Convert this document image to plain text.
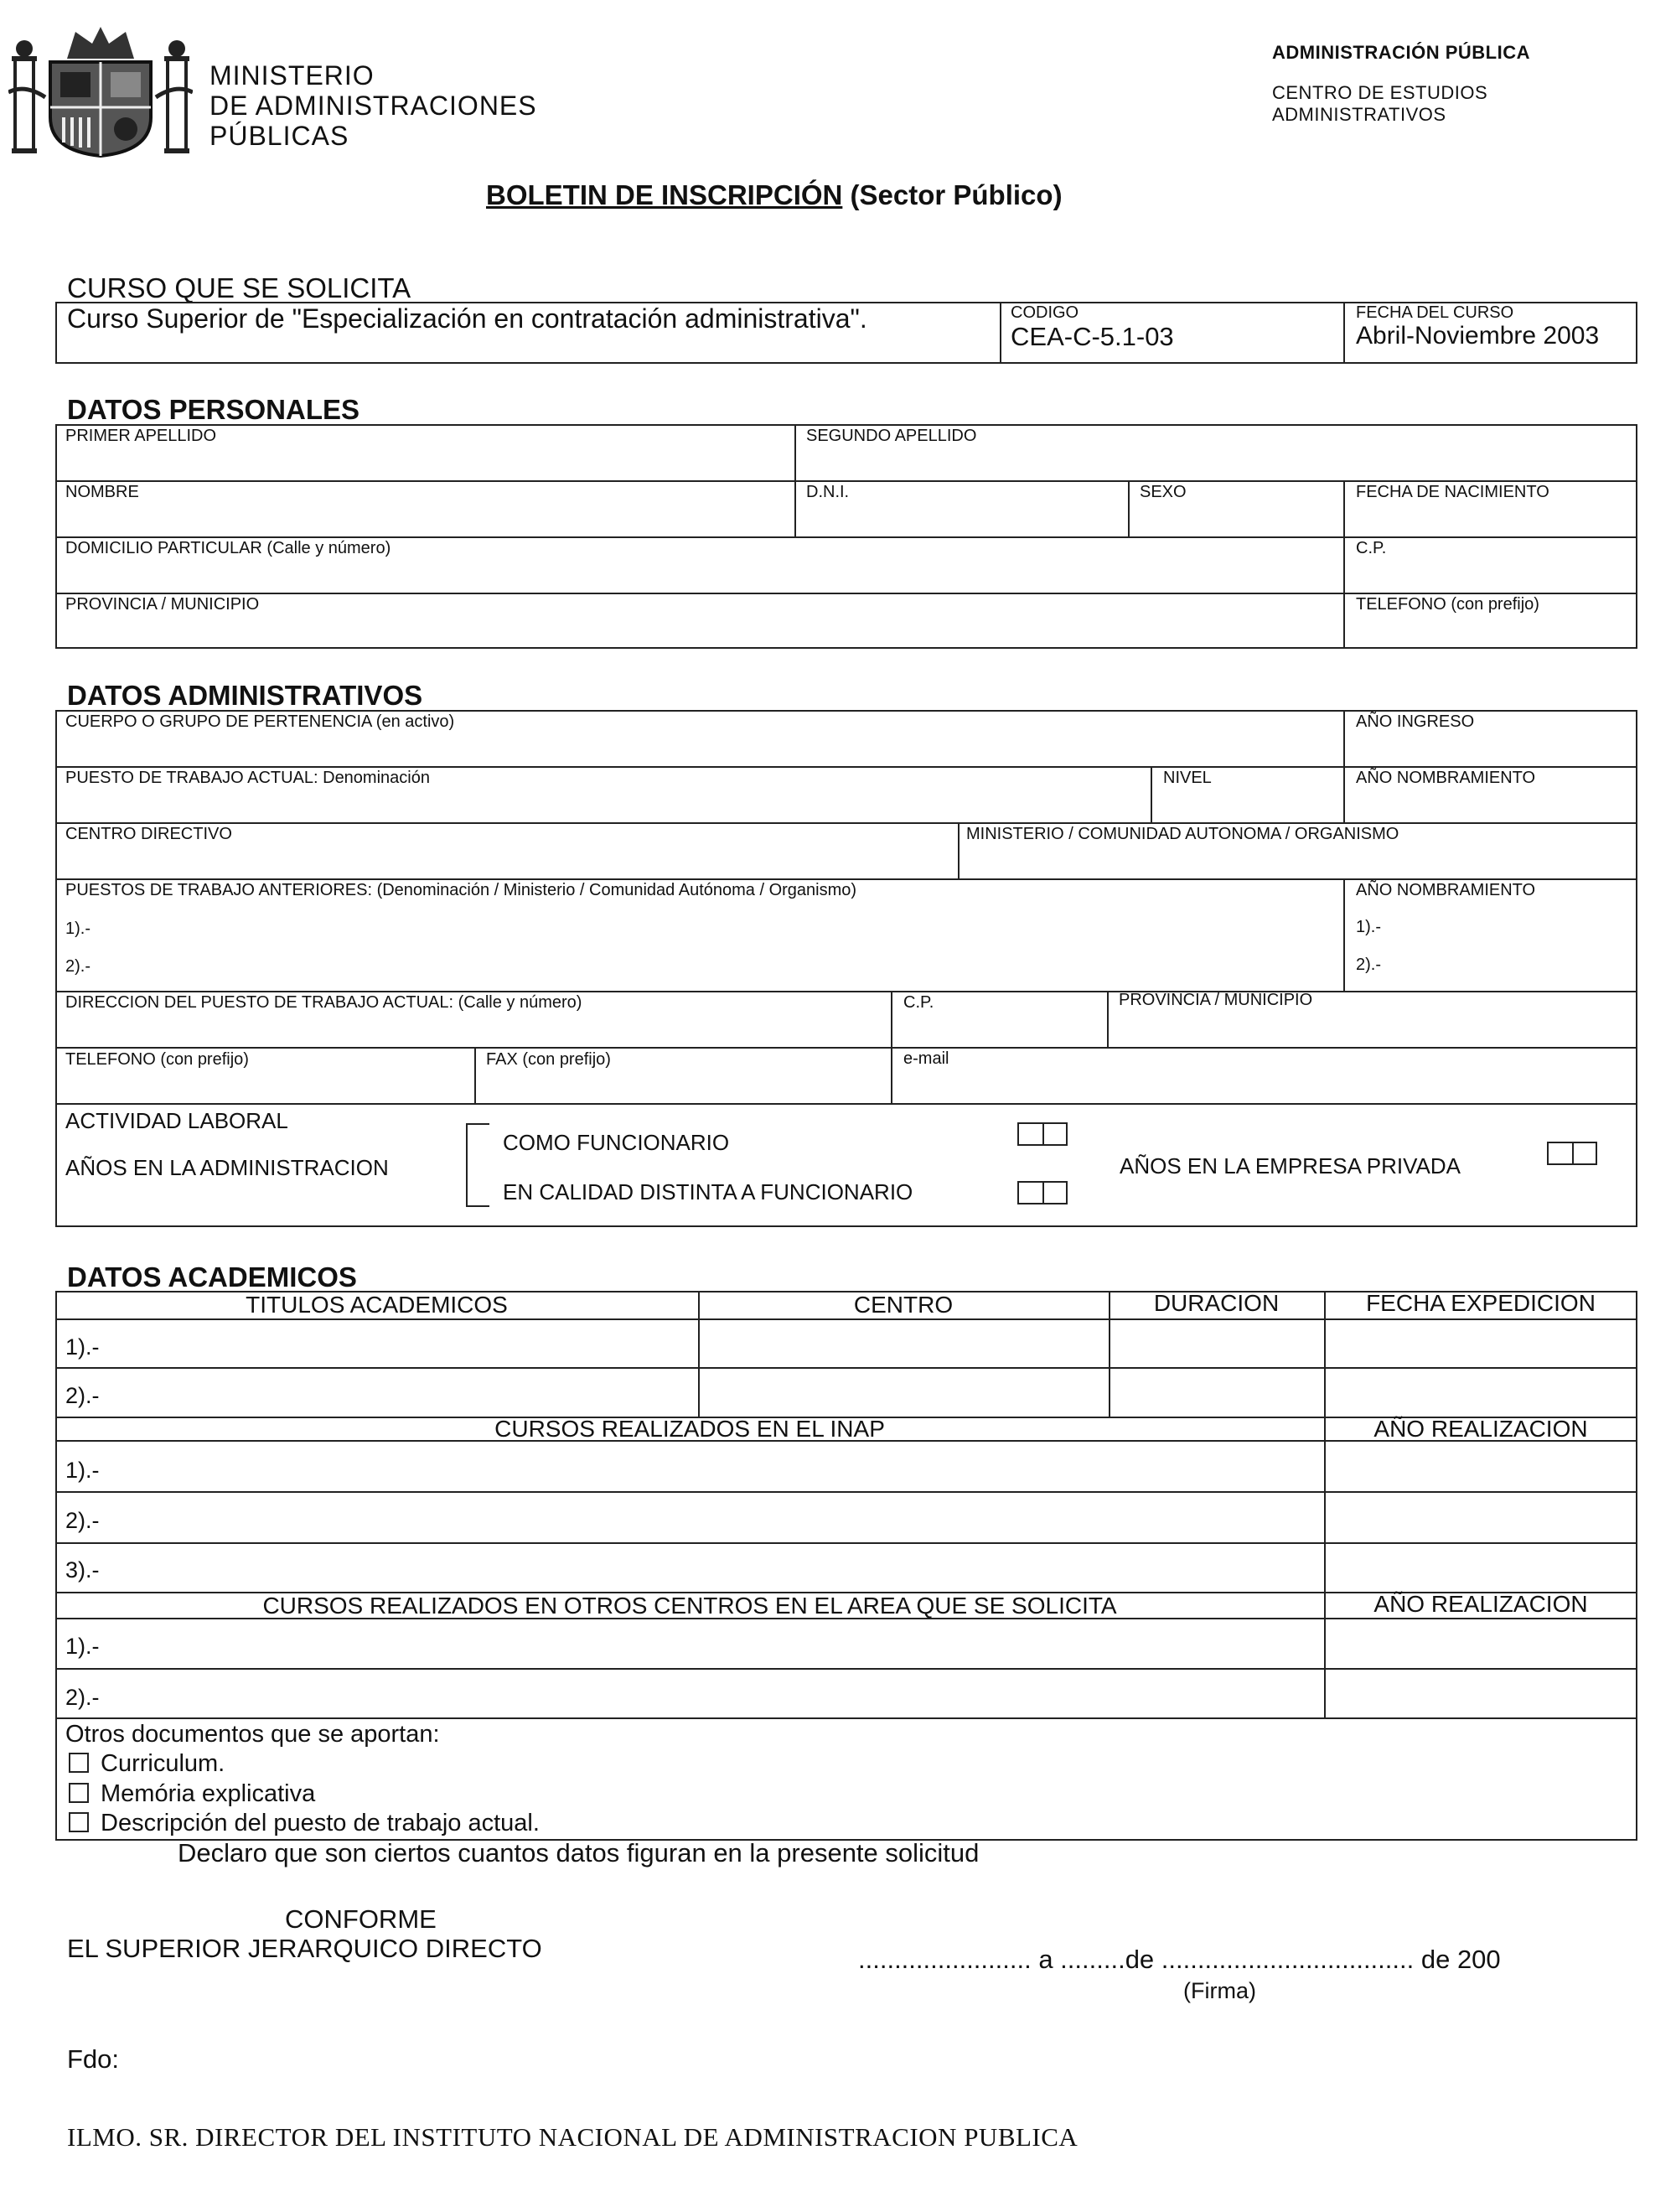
MINISTERIO
DE ADMINISTRACIONES
PÚBLICAS
ADMINISTRACIÓN PÚBLICA
CENTRO DE ESTUDIOS
ADMINISTRATIVOS
BOLETIN DE INSCRIPCIÓN (Sector Público)
CURSO QUE SE SOLICITA
Curso Superior de "Especialización en contratación administrativa".	CODIGO
CEA-C-5.1-03
FECHA DEL CURSO
Abril-Noviembre 2003
DATOS PERSONALES
PRIMER APELLIDO	SEGUNDO APELLIDO
NOMBRE	D.N.I.	SEXO	FECHA DE NACIMIENTO
DOMICILIO PARTICULAR (Calle y número)	C.P.
PROVINCIA / MUNICIPIO	TELEFONO (con prefijo)
DATOS ADMINISTRATIVOS
CUERPO O GRUPO DE PERTENENCIA (en activo)	AÑO INGRESO
PUESTO DE TRABAJO ACTUAL: Denominación	NIVEL	AÑO NOMBRAMIENTO
CENTRO DIRECTIVO	MINISTERIO / COMUNIDAD AUTONOMA / ORGANISMO
PUESTOS DE TRABAJO ANTERIORES: (Denominación / Ministerio / Comunidad Autónoma / Organismo)	AÑO NOMBRAMIENTO
1).-
2).-
1).-
2).-
DIRECCION DEL PUESTO DE TRABAJO ACTUAL: (Calle y número)	C.P.	PROVINCIA / MUNICIPIO
TELEFONO (con prefijo)	FAX (con prefijo)	e-mail
ACTIVIDAD LABORAL
AÑOS EN LA ADMINISTRACION
COMO FUNCIONARIO
EN CALIDAD DISTINTA A FUNCIONARIO
AÑOS EN LA EMPRESA PRIVADA
DATOS ACADEMICOS
TITULOS ACADEMICOS	CENTRO	DURACION	FECHA EXPEDICION
1).-
2).-
CURSOS REALIZADOS EN EL INAP	AÑO REALIZACION
1).-
2).-
3).-
CURSOS REALIZADOS EN OTROS CENTROS EN EL AREA QUE SE SOLICITA	AÑO REALIZACION
1).-
2).-
Otros documentos que se aportan:
Curriculum.
Memória explicativa
Descripción del puesto de trabajo actual.
Declaro que son ciertos cuantos datos figuran en la presente solicitud
CONFORME
EL SUPERIOR JERARQUICO DIRECTO	........................ a .........de ................................... de 200
(Firma)
Fdo:
ILMO. SR. DIRECTOR DEL INSTITUTO NACIONAL DE ADMINISTRACION PUBLICA
